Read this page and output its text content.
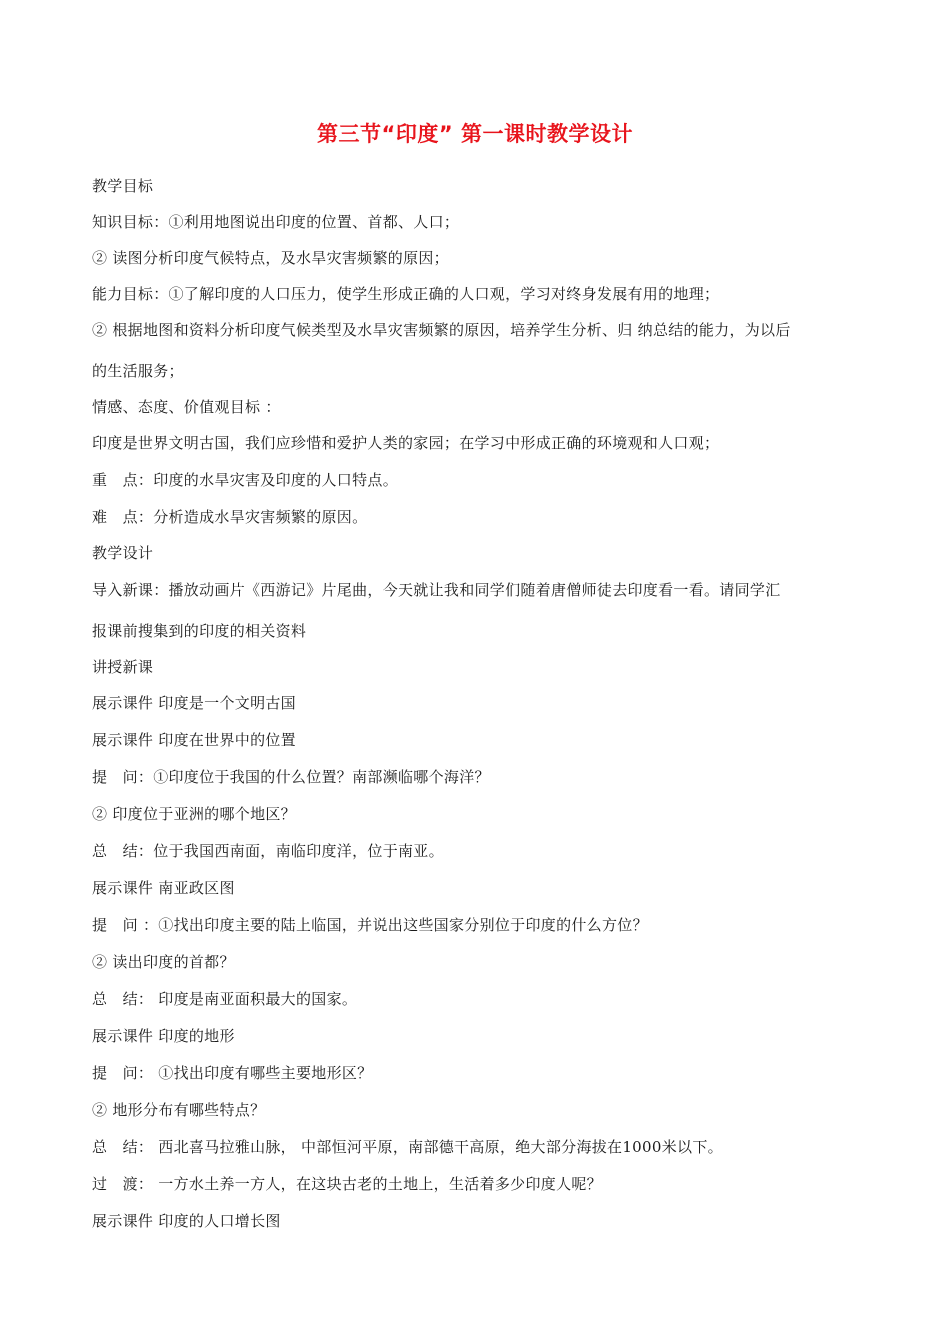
第三节“印度” 第一课时教学设计
教学目标
知识目标：①利用地图说出印度的位置、首都、人口；
② 读图分析印度气候特点，及水旱灾害频繁的原因；
能力目标：①了解印度的人口压力，使学生形成正确的人口观，学习对终身发展有用的地理；
② 根据地图和资料分析印度气候类型及水旱灾害频繁的原因，培养学生分析、归 纳总结的能力，为以后
的生活服务；
情感、态度、价值观目标 ：
印度是世界文明古国，我们应珍惜和爱护人类的家园；在学习中形成正确的环境观和人口观；
重　点：印度的水旱灾害及印度的人口特点。
难　点：分析造成水旱灾害频繁的原因。
教学设计
导入新课：播放动画片《西游记》片尾曲，今天就让我和同学们随着唐僧师徒去印度看一看。请同学汇
报课前搜集到的印度的相关资料
讲授新课
展示课件 印度是一个文明古国
展示课件 印度在世界中的位置
提　问：①印度位于我国的什么位置？南部濒临哪个海洋？
② 印度位于亚洲的哪个地区？
总　结：位于我国西南面，南临印度洋，位于南亚。
展示课件 南亚政区图
提　问 ：①找出印度主要的陆上临国，并说出这些国家分别位于印度的什么方位？
② 读出印度的首都？
总　结： 印度是南亚面积最大的国家。
展示课件 印度的地形
提　问： ①找出印度有哪些主要地形区？
② 地形分布有哪些特点？
总　结： 西北喜马拉雅山脉， 中部恒河平原，南部德干高原，绝大部分海拔在1000米以下。
过　渡： 一方水土养一方人，在这块古老的土地上，生活着多少印度人呢？
展示课件 印度的人口增长图
